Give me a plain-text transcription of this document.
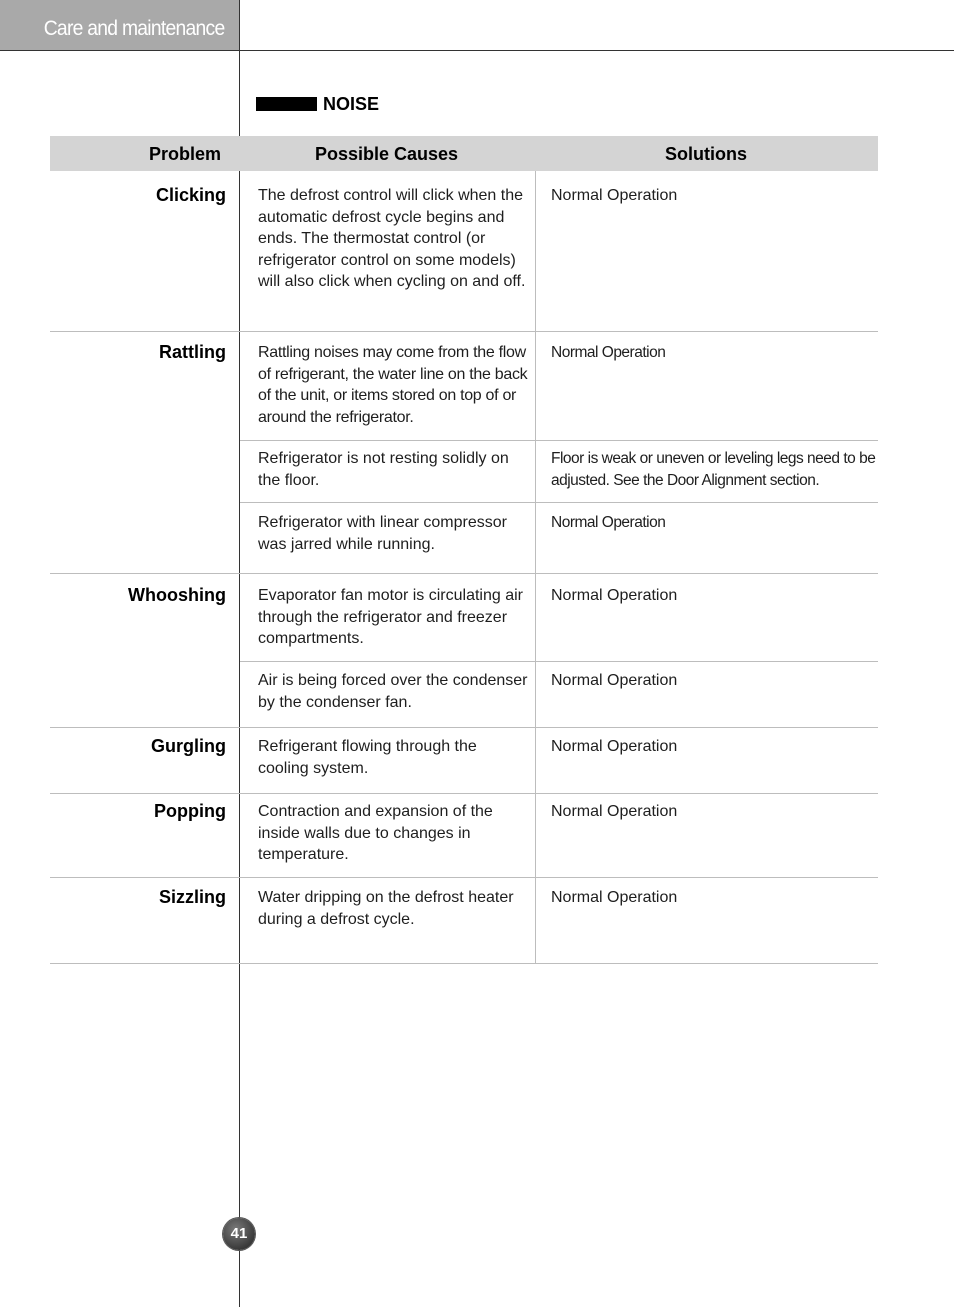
Care and maintenance
NOISE
Problem	Possible Causes	Solutions
Clicking The defrost control will click when the automatic defrost cycle begins and ends. The thermostat control (or refrigerator control on some models) will also click when cycling on and off.
Normal Operation
Rattling Rattling noises may come from the flow of refrigerant, the water line on the back of the unit, or items stored on top of or around the refrigerator.
Normal Operation
Refrigerator is not resting solidly on the floor.
Floor is weak or uneven or leveling legs need to be adjusted. See the Door Alignment section.
Refrigerator with linear compressor was jarred while running.
Normal Operation
Whooshing Evaporator fan motor is circulating air through the refrigerator and freezer compartments.
Normal Operation
Air is being forced over the condenser by the condenser fan.
Normal Operation
Gurgling Refrigerant flowing through the cooling system.
Normal Operation
Popping Contraction and expansion of the inside walls due to changes in temperature.
Normal Operation
Sizzling Water dripping on the defrost heater during a defrost cycle.
Normal Operation
41
